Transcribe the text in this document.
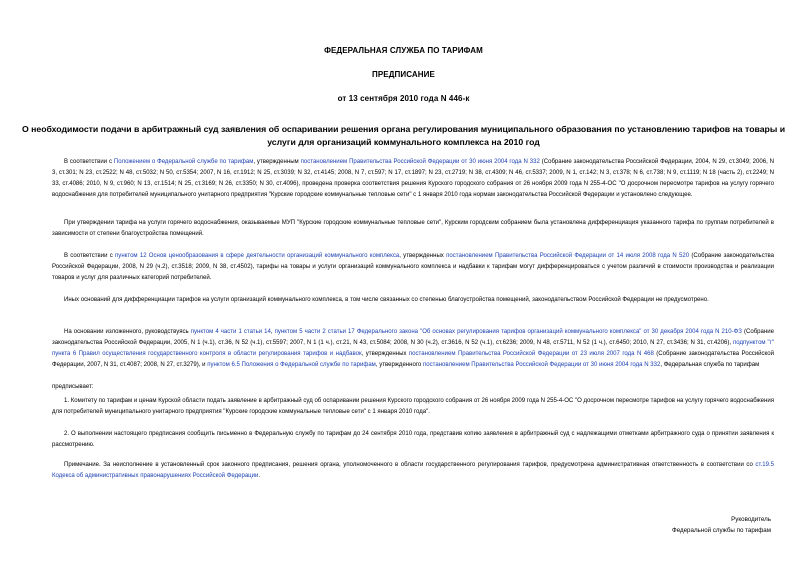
ФЕДЕРАЛЬНАЯ СЛУЖБА ПО ТАРИФАМ
ПРЕДПИСАНИЕ
от 13 сентября 2010 года N 446-к
О необходимости подачи в арбитражный суд заявления об оспаривании решения органа регулирования муниципального образования по установлению тарифов на товары и услуги для организаций коммунального комплекса на 2010 год
В соответствии с Положением о Федеральной службе по тарифам, утвержденным постановлением Правительства Российской Федерации от 30 июня 2004 года N 332 (Собрание законодательства Российской Федерации, 2004, N 29, ст.3049; 2006, N 3, ст.301; N 23, ст.2522; N 48, ст.5032; N 50, ст.5354; 2007, N 16, ст.1912; N 25, ст.3039; N 32, ст.4145; 2008, N 7, ст.597; N 17, ст.1897; N 23, ст.2719; N 38, ст.4309; N 46, ст.5337; 2009, N 1, ст.142; N 3, ст.378; N 6, ст.738; N 9, ст.1119; N 18 (часть 2), ст.2249; N 33, ст.4086; 2010, N 9, ст.960; N 13, ст.1514; N 25, ст.3169; N 26, ст.3350; N 30, ст.4096), проведена проверка соответствия решения Курского городского собрания от 26 ноября 2009 года N 255-4-ОС "О досрочном пересмотре тарифов на услугу горячего водоснабжения для потребителей муниципального унитарного предприятия "Курские городские коммунальные тепловые сети" с 1 января 2010 года нормам законодательства Российской Федерации и установлено следующее.
При утверждении тарифа на услуги горячего водоснабжения, оказываемые МУП "Курские городские коммунальные тепловые сети", Курским городским собранием была установлена дифференциация указанного тарифа по группам потребителей в зависимости от степени благоустройства помещений.
В соответствии с пунктом 12 Основ ценообразования в сфере деятельности организаций коммунального комплекса, утвержденных постановлением Правительства Российской Федерации от 14 июля 2008 года N 520 (Собрание законодательства Российской Федерации, 2008, N 29 (ч.2), ст.3518; 2009, N 38, ст.4502), тарифы на товары и услуги организаций коммунального комплекса и надбавки к тарифам могут дифференцироваться с учетом различий в стоимости производства и реализации товаров и услуг для различных категорий потребителей.
Иных оснований для дифференциации тарифов на услуги организаций коммунального комплекса, в том числе связанных со степенью благоустройства помещений, законодательством Российской Федерации не предусмотрено.
На основании изложенного, руководствуясь пунктом 4 части 1 статьи 14, пунктом 5 части 2 статьи 17 Федерального закона "Об основах регулирования тарифов организаций коммунального комплекса" от 30 декабря 2004 года N 210-ФЗ (Собрание законодательства Российской Федерации, 2005, N 1 (ч.1), ст.36, N 52 (ч.1), ст.5597; 2007, N 1 (1 ч.), ст.21, N 43, ст.5084; 2008, N 30 (ч.2), ст.3616, N 52 (ч.1), ст.6236; 2009, N 48, ст.5711, N 52 (1 ч.), ст.6450; 2010, N 27, ст.3436; N 31, ст.4206), подпунктом "г" пункта 6 Правил осуществления государственного контроля в области регулирования тарифов и надбавок, утвержденных постановлением Правительства Российской Федерации от 23 июля 2007 года N 468 (Собрание законодательства Российской Федерации, 2007, N 31, ст.4087; 2008, N 27, ст.3279), и пунктом 6.5 Положения о Федеральной службе по тарифам, утвержденного постановлением Правительства Российской Федерации от 30 июня 2004 года N 332, Федеральная служба по тарифам
предписывает:
1. Комитету по тарифам и ценам Курской области подать заявление в арбитражный суд об оспаривании решения Курского городского собрания от 26 ноября 2009 года N 255-4-ОС "О досрочном пересмотре тарифов на услугу горячего водоснабжения для потребителей муниципального унитарного предприятия "Курские городские коммунальные тепловые сети" с 1 января 2010 года".
2. О выполнении настоящего предписания сообщить письменно в Федеральную службу по тарифам до 24 сентября 2010 года, представив копию заявления в арбитражный суд с надлежащими отметками арбитражного суда о принятии заявления к рассмотрению.
Примечание. За неисполнение в установленный срок законного предписания, решения органа, уполномоченного в области государственного регулирования тарифов, предусмотрена административная ответственность в соответствии со ст.19.5 Кодекса об административных правонарушениях Российской Федерации.
Руководитель
Федеральной службы по тарифам
